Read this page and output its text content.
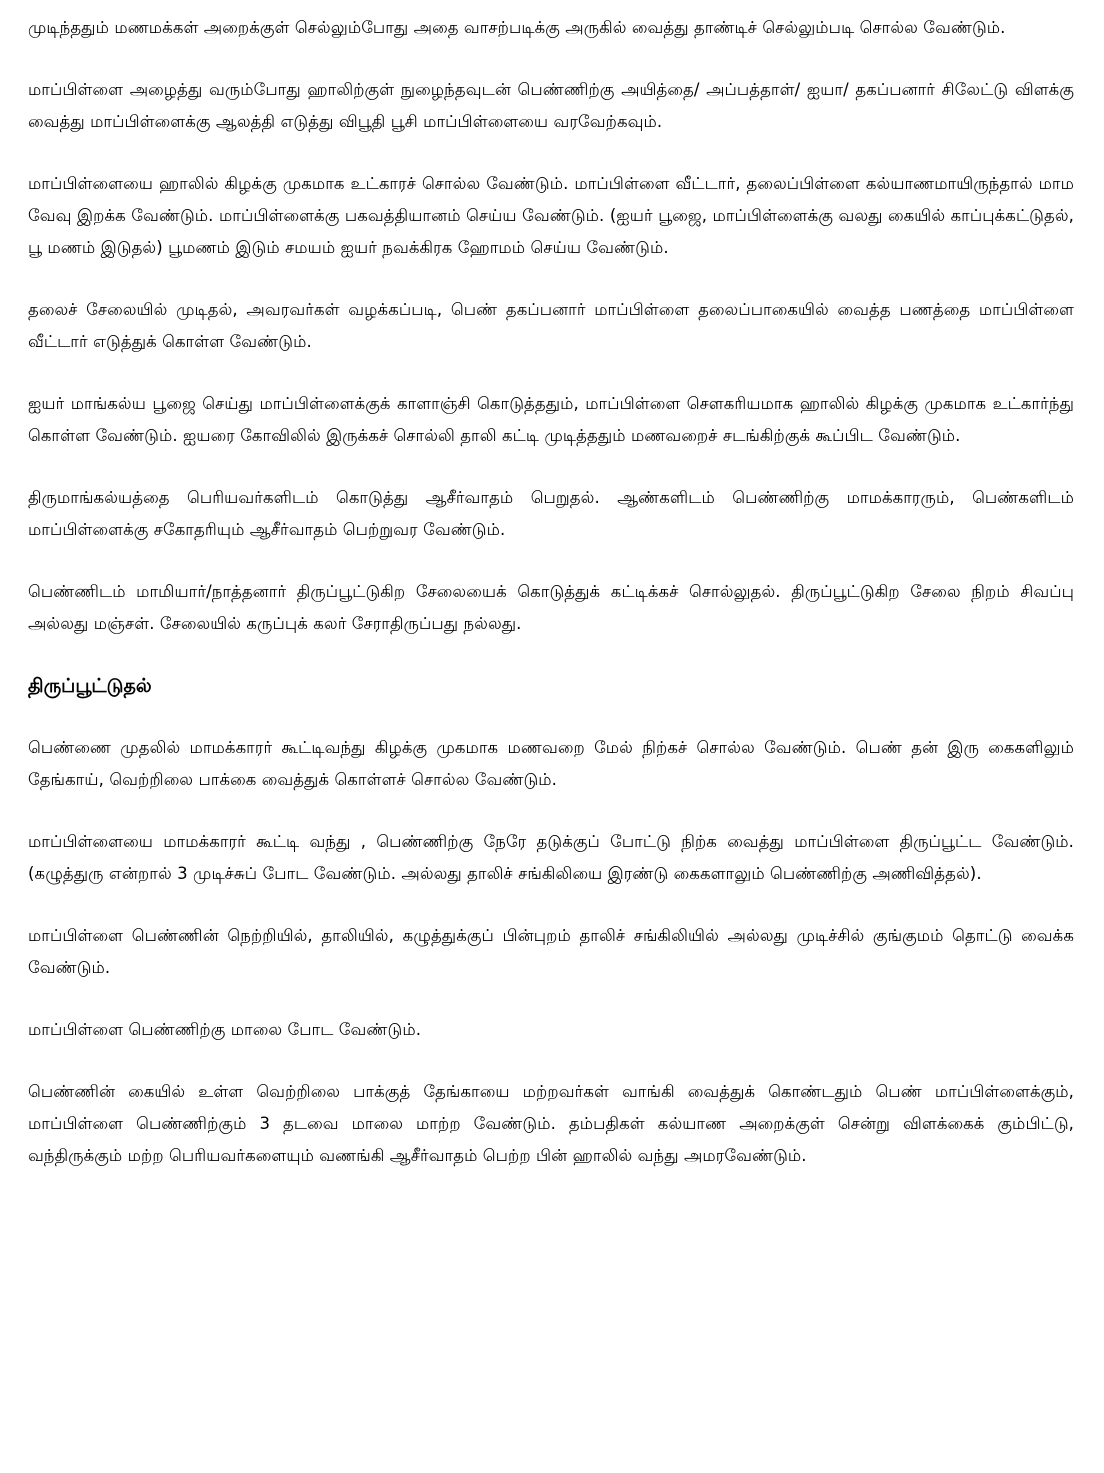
முடிந்ததும் மணமக்கள் அறைக்குள் செல்லும்போது அதை வாசற்படிக்கு அருகில் வைத்து தாண்டிச் செல்லும்படி சொல்ல வேண்டும்.

மாப்பிள்ளை அழைத்து வரும்போது ஹாலிற்குள் நுழைந்தவுடன் பெண்ணிற்கு அயித்தை/ அப்பத்தாள்/ ஐயா/ தகப்பனார் சிலேட்டு விளக்கு வைத்து மாப்பிள்ளைக்கு ஆலத்தி எடுத்து விபூதி பூசி மாப்பிள்ளையை வரவேற்கவும்.

மாப்பிள்ளையை ஹாலில் கிழக்கு முகமாக உட்காரச் சொல்ல வேண்டும். மாப்பிள்ளை வீட்டார், தலைப்பிள்ளை கல்யாணமாயிருந்தால் மாம வேவு இறக்க வேண்டும். மாப்பிள்ளைக்கு பகவத்தியானம் செய்ய வேண்டும். (ஐயர் பூஜை, மாப்பிள்ளைக்கு வலது கையில் காப்புக்கட்டுதல், பூ மணம் இடுதல்) பூமணம் இடும் சமயம் ஐயர் நவக்கிரக ஹோமம் செய்ய வேண்டும்.

தலைச் சேலையில் முடிதல், அவரவர்கள் வழக்கப்படி, பெண் தகப்பனார் மாப்பிள்ளை தலைப்பாகையில் வைத்த பணத்தை மாப்பிள்ளை வீட்டார் எடுத்துக் கொள்ள வேண்டும்.

ஐயர் மாங்கல்ய பூஜை செய்து மாப்பிள்ளைக்குக் காளாஞ்சி கொடுத்ததும், மாப்பிள்ளை சௌகரியமாக ஹாலில் கிழக்கு முகமாக உட்கார்ந்து கொள்ள வேண்டும். ஐயரை கோவிலில் இருக்கச் சொல்லி தாலி கட்டி முடித்ததும் மணவறைச் சடங்கிற்குக் கூப்பிட வேண்டும்.

திருமாங்கல்யத்தை பெரியவர்களிடம் கொடுத்து ஆசீர்வாதம் பெறுதல். ஆண்களிடம் பெண்ணிற்கு மாமக்காரரும், பெண்களிடம் மாப்பிள்ளைக்கு சகோதரியும் ஆசீர்வாதம் பெற்றுவர வேண்டும்.

பெண்ணிடம் மாமியார்/நாத்தனார் திருப்பூட்டுகிற சேலையைக் கொடுத்துக் கட்டிக்கச் சொல்லுதல். திருப்பூட்டுகிற சேலை நிறம் சிவப்பு அல்லது மஞ்சள். சேலையில் கருப்புக் கலர் சேராதிருப்பது நல்லது.

திருப்பூட்டுதல்

பெண்ணை முதலில் மாமக்காரர் கூட்டிவந்து கிழக்கு முகமாக மணவறை மேல் நிற்கச் சொல்ல வேண்டும். பெண் தன் இரு கைகளிலும் தேங்காய், வெற்றிலை பாக்கை வைத்துக் கொள்ளச் சொல்ல வேண்டும்.

மாப்பிள்ளையை மாமக்காரர் கூட்டி வந்து , பெண்ணிற்கு நேரே தடுக்குப் போட்டு நிற்க வைத்து மாப்பிள்ளை திருப்பூட்ட வேண்டும். (கழுத்துரு என்றால் 3 முடிச்சுப் போட வேண்டும். அல்லது தாலிச் சங்கிலியை இரண்டு கைகளாலும் பெண்ணிற்கு அணிவித்தல்).

மாப்பிள்ளை பெண்ணின் நெற்றியில், தாலியில், கழுத்துக்குப் பின்புறம் தாலிச் சங்கிலியில் அல்லது முடிச்சில் குங்குமம் தொட்டு வைக்க வேண்டும்.

மாப்பிள்ளை பெண்ணிற்கு மாலை போட வேண்டும்.

பெண்ணின் கையில் உள்ள வெற்றிலை பாக்குத் தேங்காயை மற்றவர்கள் வாங்கி வைத்துக் கொண்டதும் பெண் மாப்பிள்ளைக்கும், மாப்பிள்ளை பெண்ணிற்கும் 3 தடவை மாலை மாற்ற வேண்டும். தம்பதிகள் கல்யாண அறைக்குள் சென்று விளக்கைக் கும்பிட்டு, வந்திருக்கும் மற்ற பெரியவர்களையும் வணங்கி ஆசீர்வாதம் பெற்ற பின் ஹாலில் வந்து அமரவேண்டும்.
